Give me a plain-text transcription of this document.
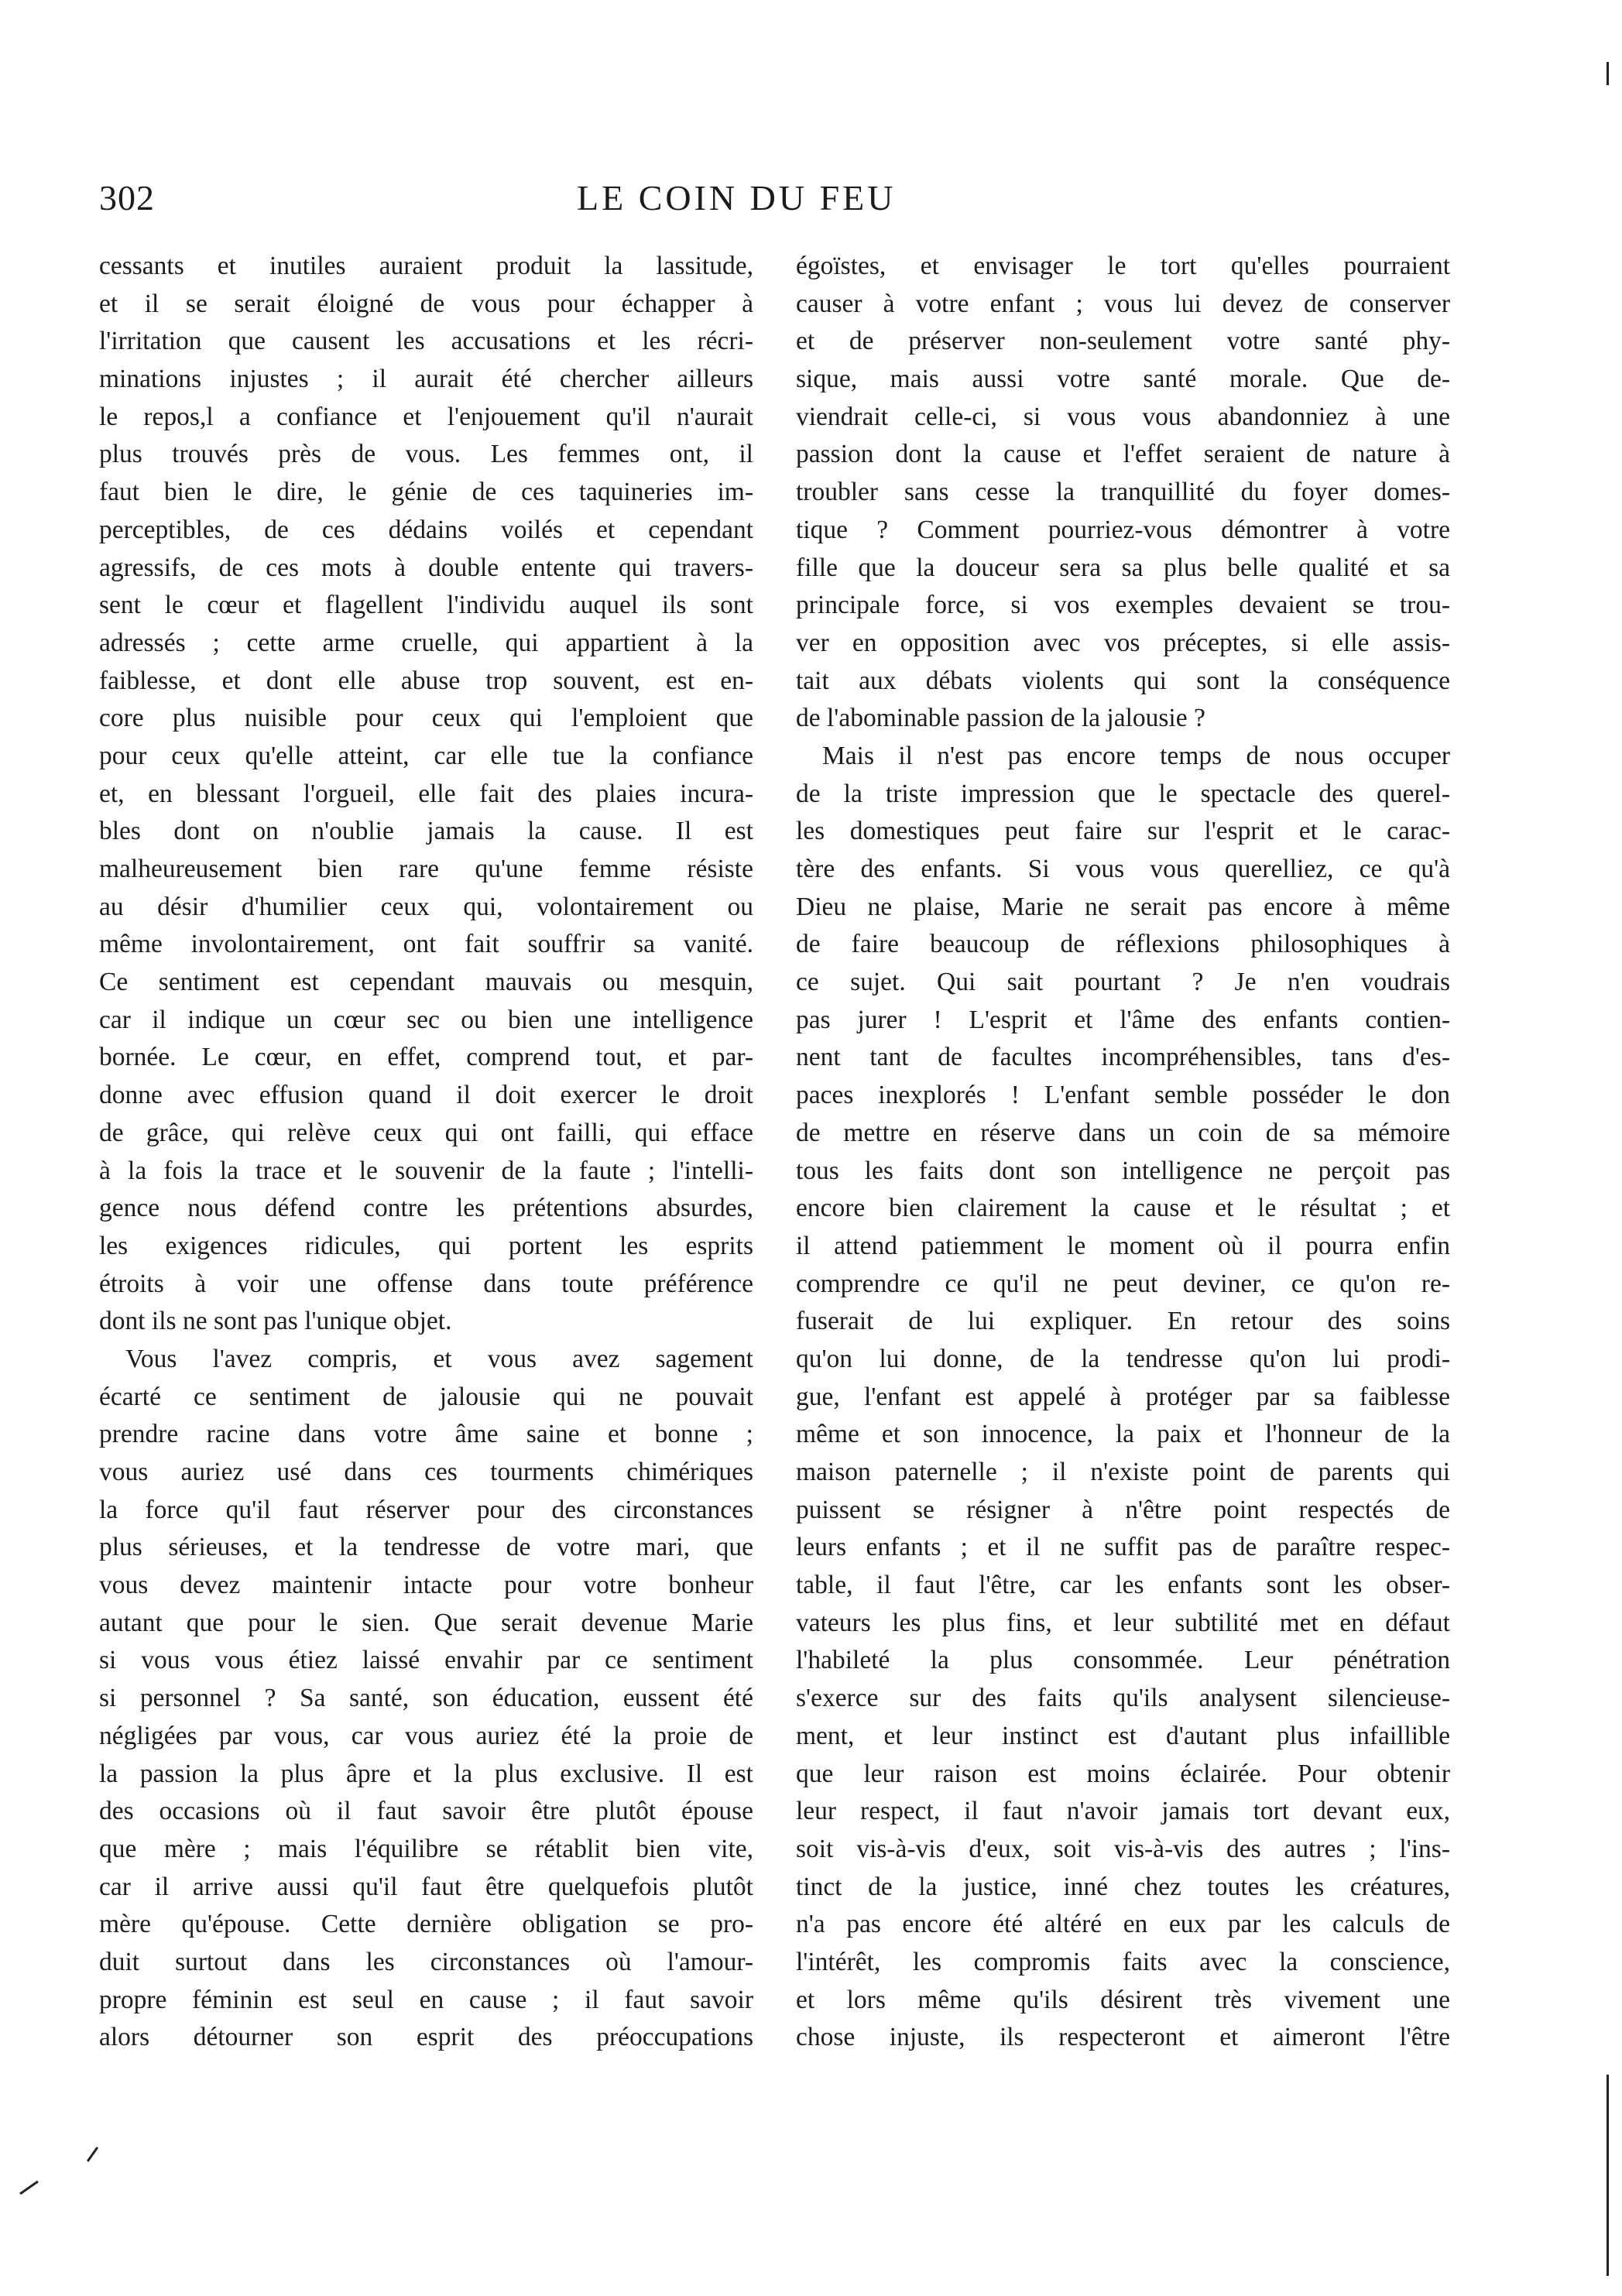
302	LE COIN DU FEU
cessants et inutiles auraient produit la lassitude,
et il se serait éloigné de vous pour échapper à
l'irritation que causent les accusations et les récri-
minations injustes ; il aurait été chercher ailleurs
le repos,l a confiance et l'enjouement qu'il n'aurait
plus trouvés près de vous. Les femmes ont, il
faut bien le dire, le génie de ces taquineries im-
perceptibles, de ces dédains voilés et cependant
agressifs, de ces mots à double entente qui travers-
sent le cœur et flagellent l'individu auquel ils sont
adressés ; cette arme cruelle, qui appartient à la
faiblesse, et dont elle abuse trop souvent, est en-
core plus nuisible pour ceux qui l'emploient que
pour ceux qu'elle atteint, car elle tue la confiance
et, en blessant l'orgueil, elle fait des plaies incura-
bles dont on n'oublie jamais la cause. Il est
malheureusement bien rare qu'une femme résiste
au désir d'humilier ceux qui, volontairement ou
même involontairement, ont fait souffrir sa vanité.
Ce sentiment est cependant mauvais ou mesquin,
car il indique un cœur sec ou bien une intelligence
bornée. Le cœur, en effet, comprend tout, et par-
donne avec effusion quand il doit exercer le droit
de grâce, qui relève ceux qui ont failli, qui efface
à la fois la trace et le souvenir de la faute ; l'intelli-
gence nous défend contre les prétentions absurdes,
les exigences ridicules, qui portent les esprits
étroits à voir une offense dans toute préférence
dont ils ne sont pas l'unique objet.
Vous l'avez compris, et vous avez sagement
écarté ce sentiment de jalousie qui ne pouvait
prendre racine dans votre âme saine et bonne ;
vous auriez usé dans ces tourments chimériques
la force qu'il faut réserver pour des circonstances
plus sérieuses, et la tendresse de votre mari, que
vous devez maintenir intacte pour votre bonheur
autant que pour le sien. Que serait devenue Marie
si vous vous étiez laissé envahir par ce sentiment
si personnel ? Sa santé, son éducation, eussent été
négligées par vous, car vous auriez été la proie de
la passion la plus âpre et la plus exclusive. Il est
des occasions où il faut savoir être plutôt épouse
que mère ; mais l'équilibre se rétablit bien vite,
car il arrive aussi qu'il faut être quelquefois plutôt
mère qu'épouse. Cette dernière obligation se pro-
duit surtout dans les circonstances où l'amour-
propre féminin est seul en cause ; il faut savoir
alors détourner son esprit des préoccupations
égoïstes, et envisager le tort qu'elles pourraient
causer à votre enfant ; vous lui devez de conserver
et de préserver non-seulement votre santé phy-
sique, mais aussi votre santé morale. Que de-
viendrait celle-ci, si vous vous abandonniez à une
passion dont la cause et l'effet seraient de nature à
troubler sans cesse la tranquillité du foyer domes-
tique ? Comment pourriez-vous démontrer à votre
fille que la douceur sera sa plus belle qualité et sa
principale force, si vos exemples devaient se trou-
ver en opposition avec vos préceptes, si elle assis-
tait aux débats violents qui sont la conséquence
de l'abominable passion de la jalousie ?
Mais il n'est pas encore temps de nous occuper
de la triste impression que le spectacle des querel-
les domestiques peut faire sur l'esprit et le carac-
tère des enfants. Si vous vous querelliez, ce qu'à
Dieu ne plaise, Marie ne serait pas encore à même
de faire beaucoup de réflexions philosophiques à
ce sujet. Qui sait pourtant ? Je n'en voudrais
pas jurer ! L'esprit et l'âme des enfants contien-
nent tant de facultes incompréhensibles, tans d'es-
paces inexplorés ! L'enfant semble posséder le don
de mettre en réserve dans un coin de sa mémoire
tous les faits dont son intelligence ne perçoit pas
encore bien clairement la cause et le résultat ; et
il attend patiemment le moment où il pourra enfin
comprendre ce qu'il ne peut deviner, ce qu'on re-
fuserait de lui expliquer. En retour des soins
qu'on lui donne, de la tendresse qu'on lui prodi-
gue, l'enfant est appelé à protéger par sa faiblesse
même et son innocence, la paix et l'honneur de la
maison paternelle ; il n'existe point de parents qui
puissent se résigner à n'être point respectés de
leurs enfants ; et il ne suffit pas de paraître respec-
table, il faut l'être, car les enfants sont les obser-
vateurs les plus fins, et leur subtilité met en défaut
l'habileté la plus consommée. Leur pénétration
s'exerce sur des faits qu'ils analysent silencieuse-
ment, et leur instinct est d'autant plus infaillible
que leur raison est moins éclairée. Pour obtenir
leur respect, il faut n'avoir jamais tort devant eux,
soit vis-à-vis d'eux, soit vis-à-vis des autres ; l'ins-
tinct de la justice, inné chez toutes les créatures,
n'a pas encore été altéré en eux par les calculs de
l'intérêt, les compromis faits avec la conscience,
et lors même qu'ils désirent très vivement une
chose injuste, ils respecteront et aimeront l'être
